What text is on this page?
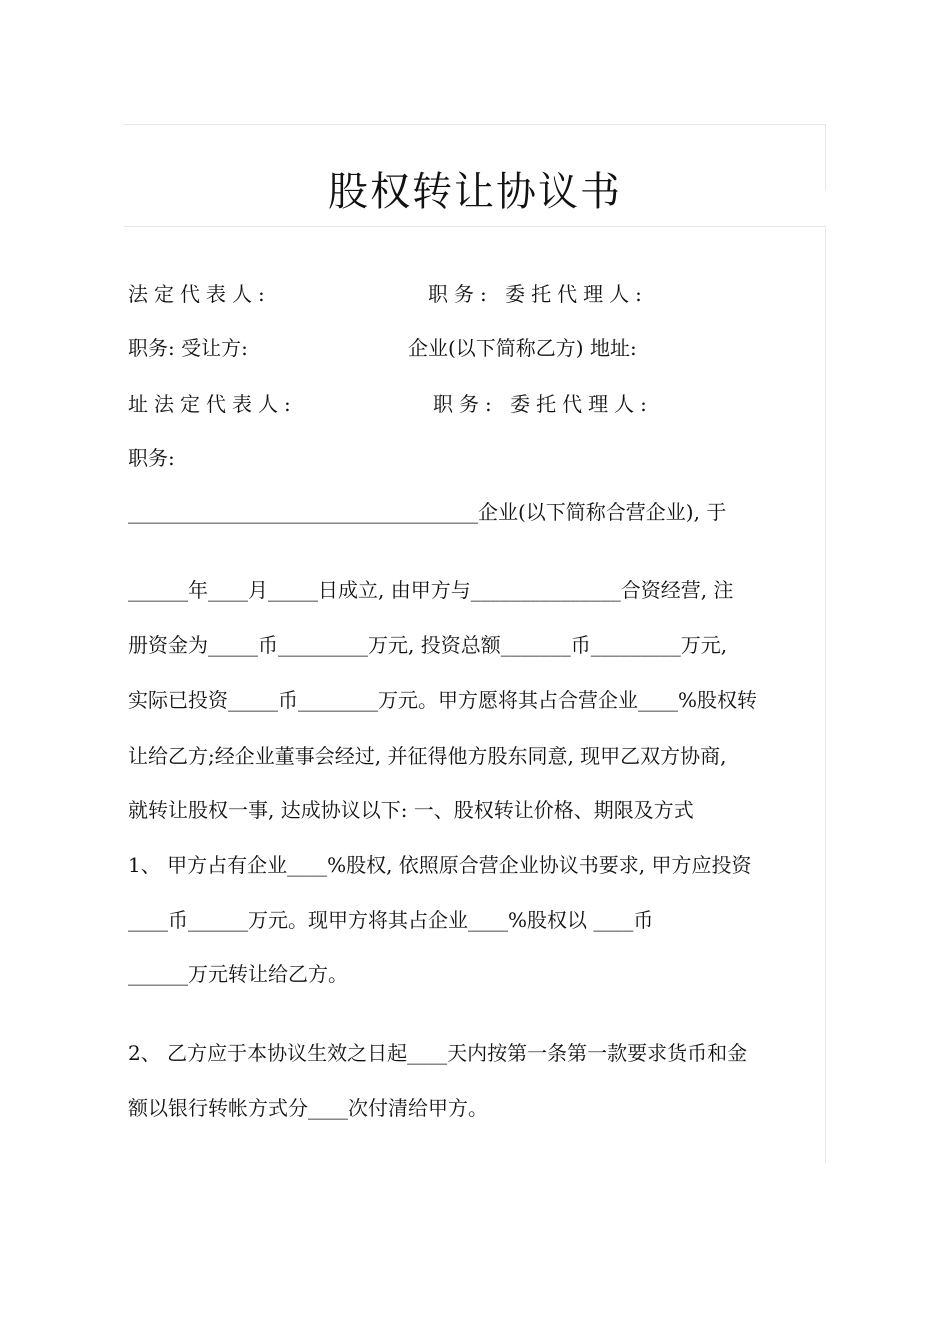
股权转让协议书
法定代表人:	职务: 委托代理人:
职务: 受让方:	企业(以下简称乙方) 地址:
址法定代表人:	职务: 委托代理人:
职务:
___________________________________企业(以下简称合营企业), 于
______年____月_____日成立, 由甲方与_______________合资经营, 注
册资金为_____币_________万元, 投资总额_______币_________万元,
实际已投资_____币________万元。甲方愿将其占合营企业____%股权转
让给乙方;经企业董事会经过, 并征得他方股东同意, 现甲乙双方协商,
就转让股权一事, 达成协议以下: 一、股权转让价格、期限及方式
1、 甲方占有企业____%股权, 依照原合营企业协议书要求, 甲方应投资
____币______万元。现甲方将其占企业____%股权以 ____币
______万元转让给乙方。
2、 乙方应于本协议生效之日起____天内按第一条第一款要求货币和金
额以银行转帐方式分____次付清给甲方。
